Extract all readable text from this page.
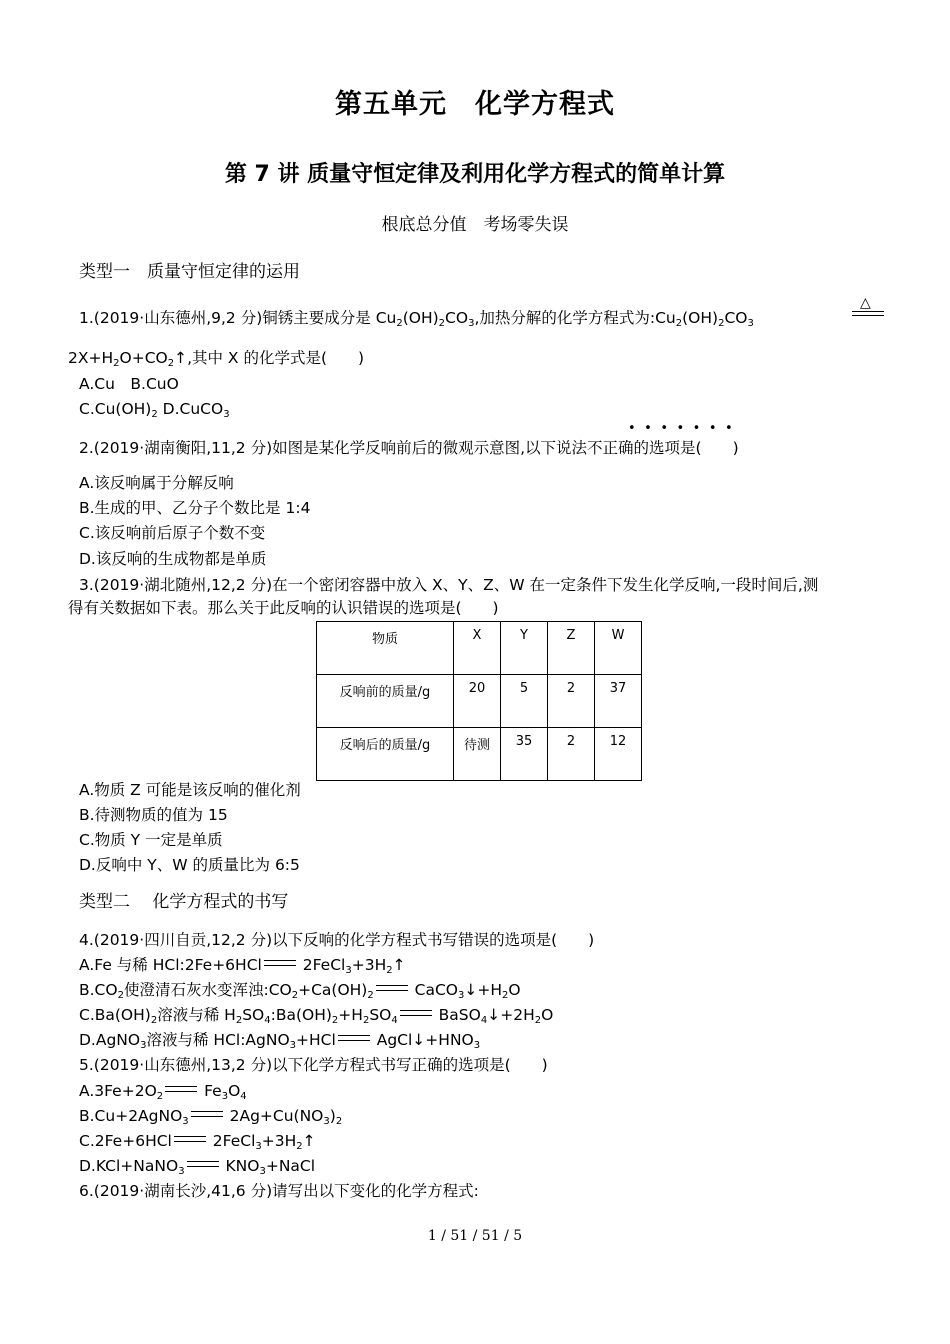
第五单元　化学方程式
第 7 讲 质量守恒定律及利用化学方程式的简单计算
根底总分值　考场零失误
类型一　质量守恒定律的运用
1.(2019·山东德州,9,2 分)铜锈主要成分是 $Cu_2(OH)_2CO_3$,加热分解的化学方程式为$:Cu_2(OH)_2CO_3$
△
$2X+H_2O+CO_2↑$,其中 X 的化学式是(　　)
A.Cu　B.CuO
$C.Cu(OH)_2$ D.CuCO$_3$
•••••••
2.(2019·湖南衡阳,11,2 分)如图是某化学反响前后的微观示意图,以下说法不正确的选项是(　　)
A.该反响属于分解反响
B.生成的甲、乙分子个数比是 1:4
C.该反响前后原子个数不变
D.该反响的生成物都是单质
3.(2019·湖北随州,12,2 分)在一个密闭容器中放入 X、Y、Z、W 在一定条件下发生化学反响,一段时间后,测
得有关数据如下表。那么关于此反响的认识错误的选项是(　　)
物质	X	Y	Z	W
反响前的质量/g	20	5	2	37
反响后的质量/g	待测	35	2	12
A.物质 Z 可能是该反响的催化剂
B.待测物质的值为 15
C.物质 Y 一定是单质
D.反响中 Y、W 的质量比为 6:5
类型二　 化学方程式的书写
4.(2019·四川自贡,12,2 分)以下反响的化学方程式书写错误的选项是(　　)
A.Fe 与稀 HCl:2Fe+6HCl $2FeCl_3+3H_2↑$
$B.CO_2$使澄清石灰水变浑浊$:CO_2+Ca(OH)_2$ $CaCO_3↓+H_2O$
$C.Ba(OH)_2$溶液与稀 $H_2SO_4:Ba(OH)_2+H_2SO_4$ $BaSO_4↓+2H_2O$
D.AgNO$_3$溶液与稀 HCl:AgNO$_3$+HCl $AgCl↓+HNO_3$
5.(2019·山东德州,13,2 分)以下化学方程式书写正确的选项是(　　)
$A.3Fe+2O_2$ $Fe_3O_4$
B.Cu+2AgNO$_3$ $2Ag+Cu(NO_3)_2$
C.2Fe+6HCl $2FeCl_3+3H_2↑$
D.KCl+NaNO$_3$ $KNO_3+NaCl$
6.(2019·湖南长沙,41,6 分)请写出以下变化的化学方程式:
1 / 51 / 51 / 5
